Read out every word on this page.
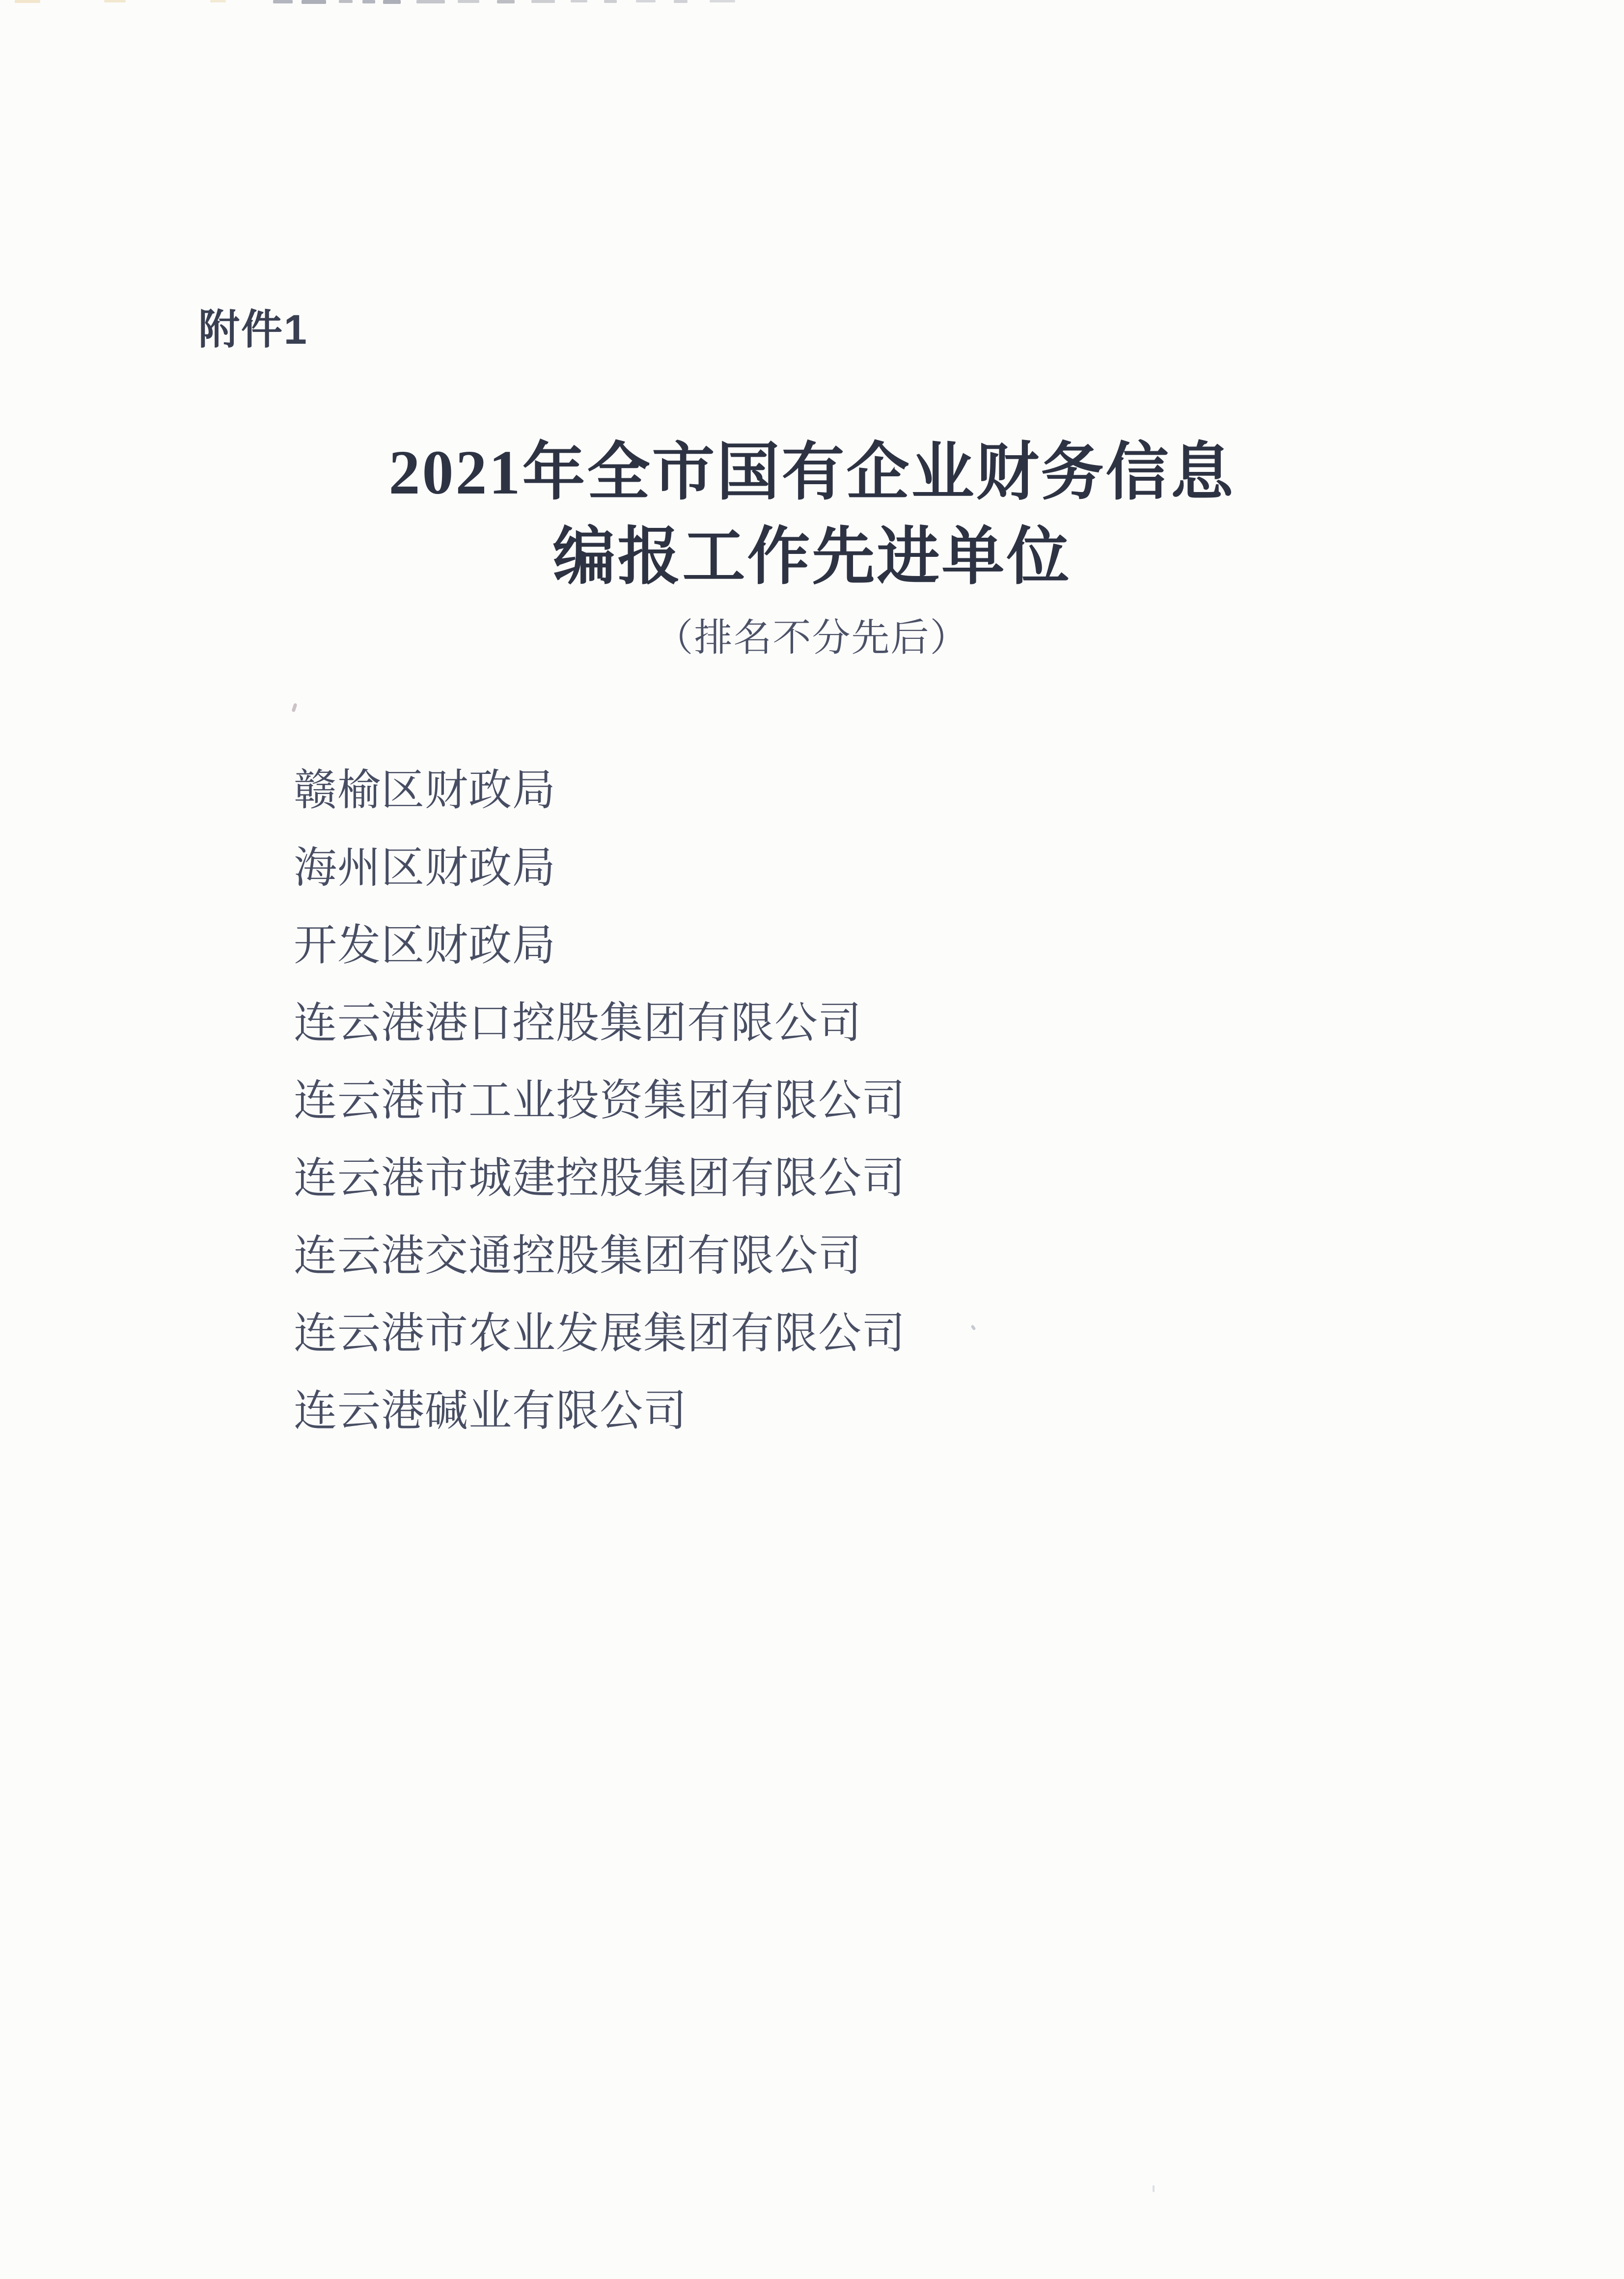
附件1
2021年全市国有企业财务信息
编报工作先进单位
（排名不分先后）
赣榆区财政局
海州区财政局
开发区财政局
连云港港口控股集团有限公司
连云港市工业投资集团有限公司
连云港市城建控股集团有限公司
连云港交通控股集团有限公司
连云港市农业发展集团有限公司
连云港碱业有限公司
